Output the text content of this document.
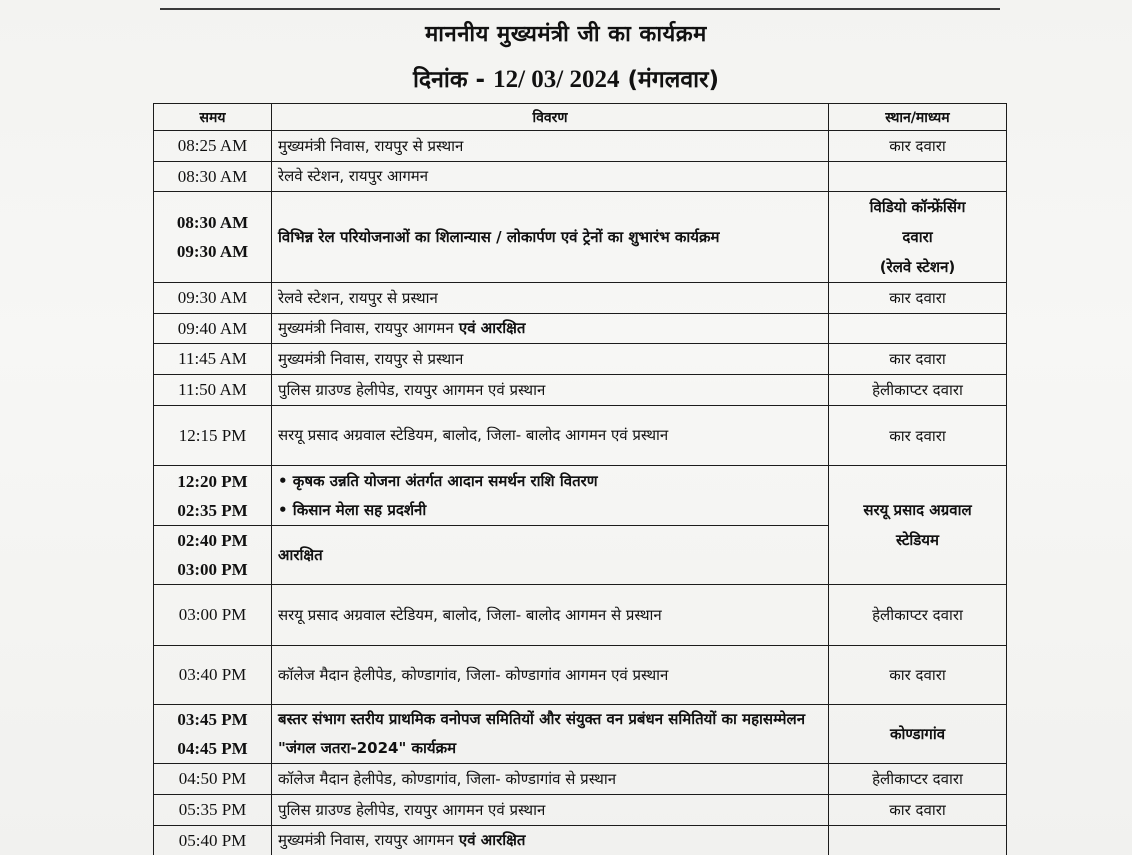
माननीय मुख्यमंत्री जी का कार्यक्रम
दिनांक - 12/ 03/ 2024 (मंगलवार)
समय	विवरण	स्थान/माध्यम
08:25 AM	मुख्यमंत्री निवास, रायपुर से प्रस्थान	कार दवारा
08:30 AM	रेलवे स्टेशन, रायपुर आगमन	

08:30 AM
09:30 AM	विभिन्न रेल परियोजनाओं का शिलान्यास / लोकार्पण एवं ट्रेनों का शुभारंभ कार्यक्रम	विडियो कॉन्फ्रेंसिंग
दवारा
(रेलवे स्टेशन)

09:30 AM	रेलवे स्टेशन, रायपुर से प्रस्थान	कार दवारा
09:40 AM	मुख्यमंत्री निवास, रायपुर आगमन एवं आरक्षित	
11:45 AM	मुख्यमंत्री निवास, रायपुर से प्रस्थान	कार दवारा
11:50 AM	पुलिस ग्राउण्ड हेलीपेड, रायपुर आगमन एवं प्रस्थान	हेलीकाप्टर दवारा
12:15 PM	सरयू प्रसाद अग्रवाल स्टेडियम, बालोद, जिला- बालोद आगमन एवं प्रस्थान	कार दवारा

12:20 PM
02:35 PM	• कृषक उन्नति योजना अंतर्गत आदान समर्थन राशि वितरण
• किसान मेला सह प्रदर्शनी	सरयू प्रसाद अग्रवाल
स्टेडियम

02:40 PM
03:00 PM	आरक्षित	
03:00 PM	सरयू प्रसाद अग्रवाल स्टेडियम, बालोद, जिला- बालोद आगमन से प्रस्थान	हेलीकाप्टर दवारा
03:40 PM	कॉलेज मैदान हेलीपेड, कोण्डागांव, जिला- कोण्डागांव आगमन एवं प्रस्थान	कार दवारा

03:45 PM
04:45 PM	बस्तर संभाग स्तरीय प्राथमिक वनोपज समितियों और संयुक्त वन प्रबंधन समितियों का महासम्मेलन "जंगल जतरा-2024" कार्यक्रम	कोण्डागांव
04:50 PM	कॉलेज मैदान हेलीपेड, कोण्डागांव, जिला- कोण्डागांव से प्रस्थान	हेलीकाप्टर दवारा
05:35 PM	पुलिस ग्राउण्ड हेलीपेड, रायपुर आगमन एवं प्रस्थान	कार दवारा
05:40 PM	मुख्यमंत्री निवास, रायपुर आगमन एवं आरक्षित	
